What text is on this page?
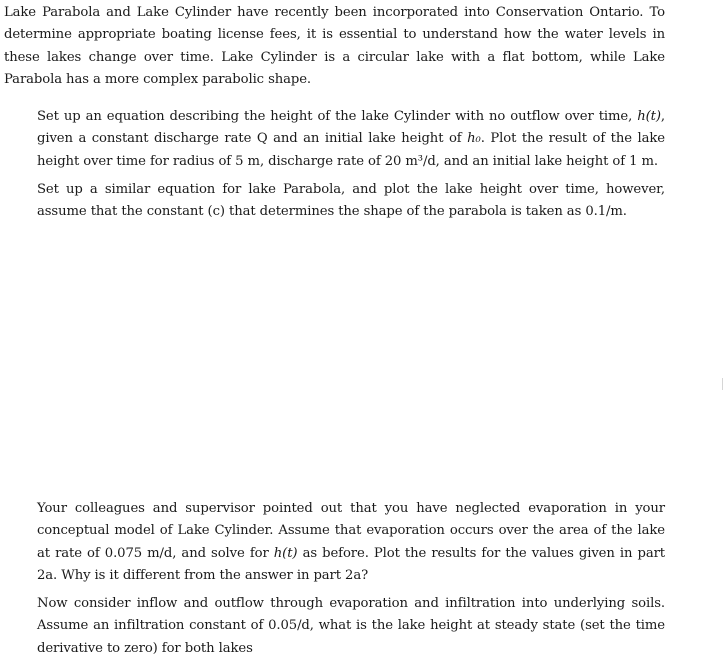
Lake Parabola and Lake Cylinder have recently been incorporated into Conservation Ontario. To determine appropriate boating license fees, it is essential to understand how the water levels in these lakes change over time. Lake Cylinder is a circular lake with a flat bottom, while Lake Parabola has a more complex parabolic shape.

Set up an equation describing the height of the lake Cylinder with no outflow over time, h(t), given a constant discharge rate Q and an initial lake height of h₀. Plot the result of the lake height over time for radius of 5 m, discharge rate of 20 m³/d, and an initial lake height of 1 m.

Set up a similar equation for lake Parabola, and plot the lake height over time, however, assume that the constant (c) that determines the shape of the parabola is taken as 0.1/m.

Your colleagues and supervisor pointed out that you have neglected evaporation in your conceptual model of Lake Cylinder. Assume that evaporation occurs over the area of the lake at rate of 0.075 m/d, and solve for h(t) as before. Plot the results for the values given in part 2a. Why is it different from the answer in part 2a?

Now consider inflow and outflow through evaporation and infiltration into underlying soils. Assume an infiltration constant of 0.05/d, what is the lake height at steady state (set the time derivative to zero) for both lakes
